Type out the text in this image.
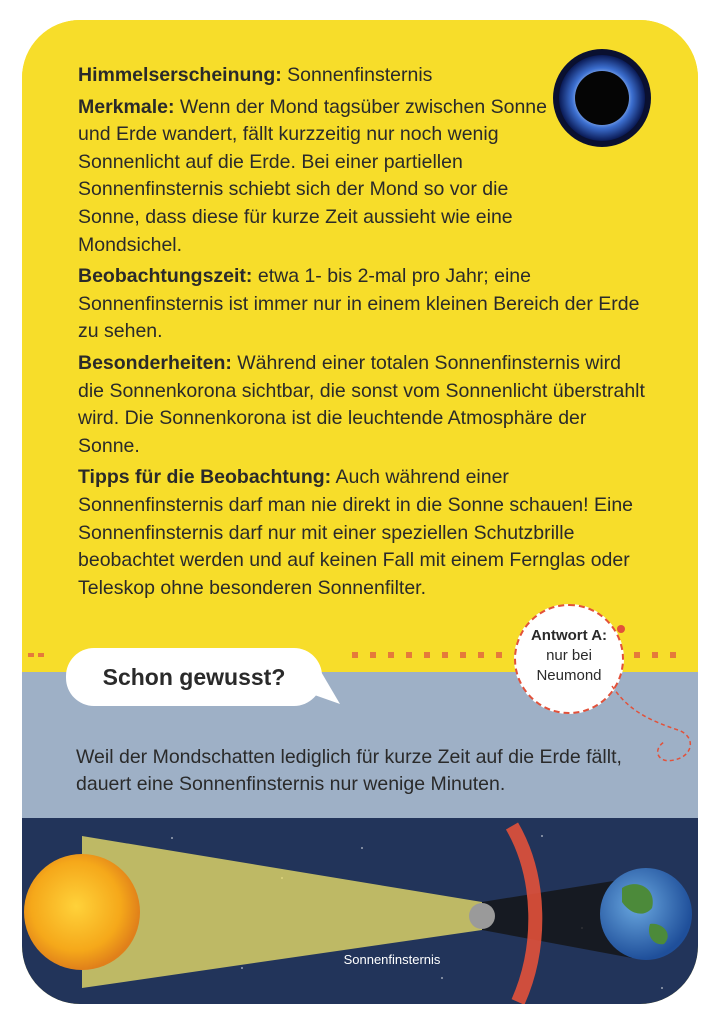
Himmelserscheinung: Sonnenfinsternis

Merkmale: Wenn der Mond tagsüber zwischen Sonne und Erde wandert, fällt kurzzeitig nur noch wenig Sonnenlicht auf die Erde. Bei einer partiellen Sonnenfinsternis schiebt sich der Mond so vor die Sonne, dass diese für kurze Zeit aussieht wie eine Mondsichel.

Beobachtungszeit: etwa 1- bis 2-mal pro Jahr; eine Sonnenfinsternis ist immer nur in einem kleinen Bereich der Erde zu sehen.

Besonderheiten: Während einer totalen Sonnenfinsternis wird die Sonnenkorona sichtbar, die sonst vom Sonnenlicht überstrahlt wird. Die Sonnenkorona ist die leuchtende Atmosphäre der Sonne.

Tipps für die Beobachtung: Auch während einer Sonnenfinsternis darf man nie direkt in die Sonne schauen! Eine Sonnenfinsternis darf nur mit einer speziellen Schutzbrille beobachtet werden und auf keinen Fall mit einem Fernglas oder Teleskop ohne besonderen Sonnenfilter.

Schon gewusst?
Antwort A:
nur bei
Neumond

Weil der Mondschatten lediglich für kurze Zeit auf die Erde fällt, dauert eine Sonnenfinsternis nur wenige Minuten.

Sonnenfinsternis
